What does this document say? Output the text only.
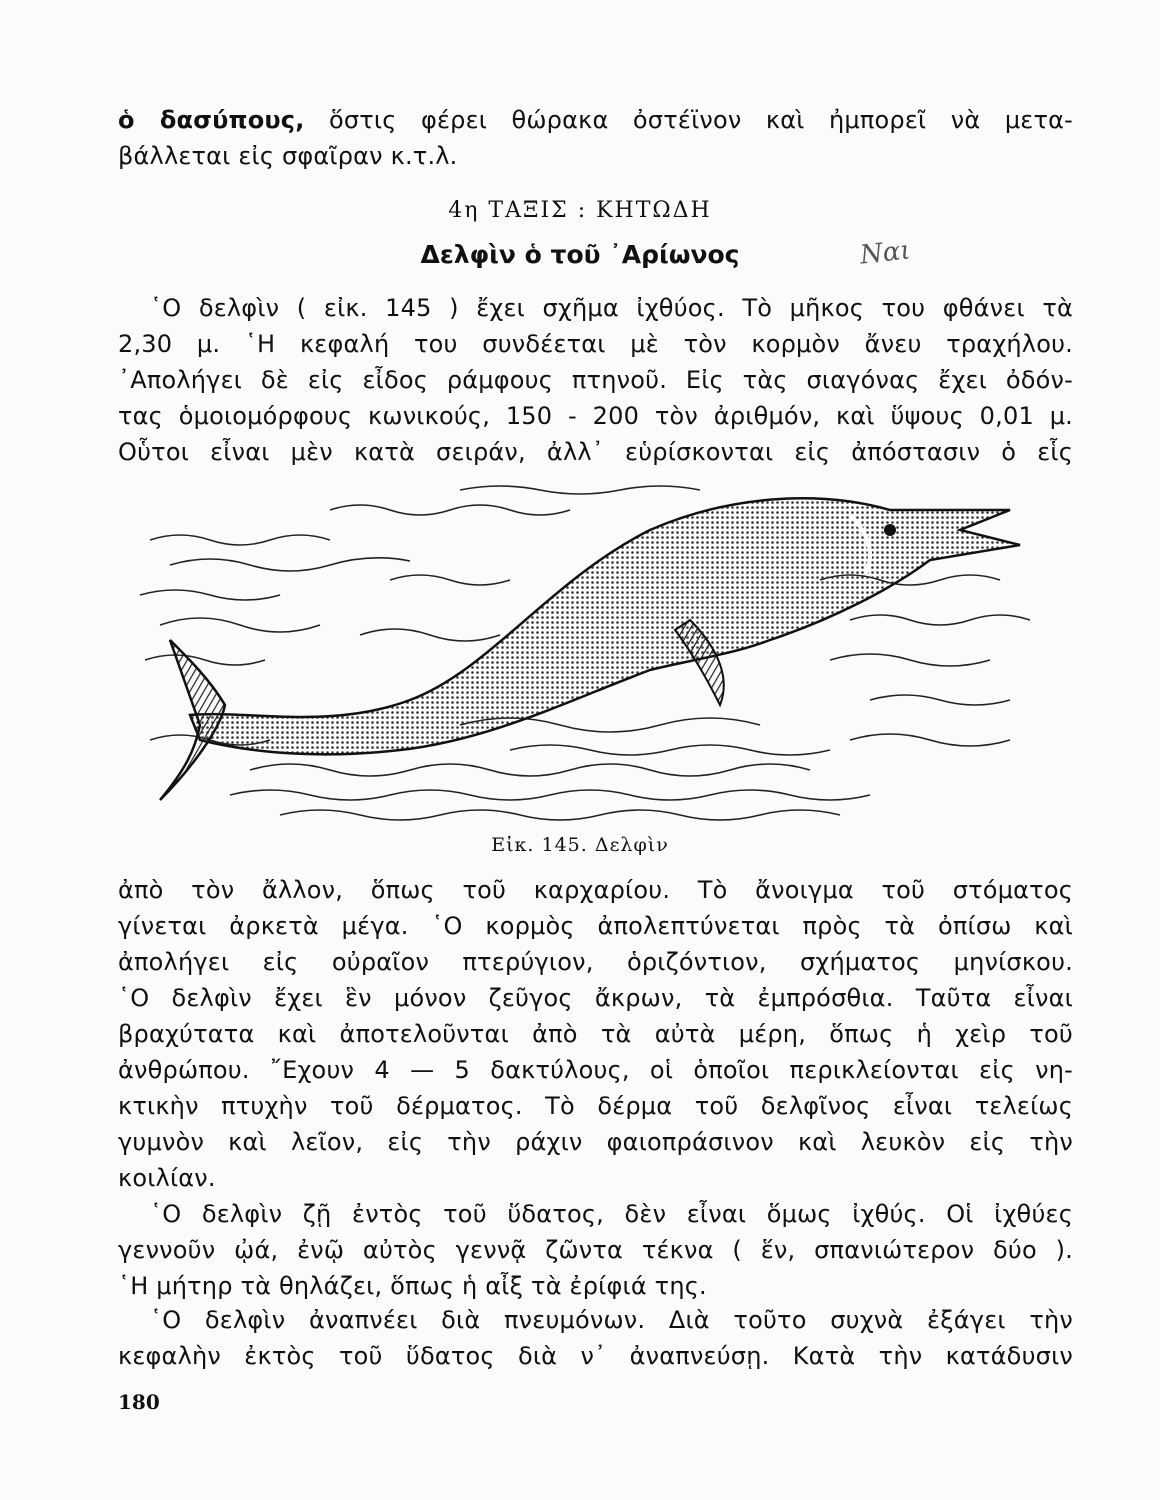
ὁ δασύπους, ὅστις φέρει θώρακα ὀστέϊνον καὶ ἠμπορεῖ νὰ μετα-
βάλλεται εἰς σφαῖραν κ.τ.λ.
4η ΤΑΞΙΣ : ΚΗΤΩΔΗ
Δελφὶν ὁ τοῦ ᾿Αρίωνος	Ναι
῾Ο δελφὶν ( εἰκ. 145 ) ἔχει σχῆμα ἰχθύος. Τὸ μῆκος του φθάνει τὰ
2,30 μ. ῾Η κεφαλή του συνδέεται μὲ τὸν κορμὸν ἄνευ τραχήλου.
᾿Απολήγει δὲ εἰς εἶδος ράμφους πτηνοῦ. Εἰς τὰς σιαγόνας ἔχει ὀδόν-
τας ὁμοιομόρφους κωνικούς, 150 - 200 τὸν ἀριθμόν, καὶ ὕψους 0,01 μ.
Οὗτοι εἶναι μὲν κατὰ σειράν, ἀλλ᾿ εὑρίσκονται εἰς ἀπόστασιν ὁ εἷς
Εἰκ. 145. Δελφὶν
ἀπὸ τὸν ἄλλον, ὅπως τοῦ καρχαρίου. Τὸ ἄνοιγμα τοῦ στόματος
γίνεται ἀρκετὰ μέγα. ῾Ο κορμὸς ἀπολεπτύνεται πρὸς τὰ ὀπίσω καὶ
ἀπολήγει εἰς οὐραῖον πτερύγιον, ὁριζόντιον, σχήματος μηνίσκου.
῾Ο δελφὶν ἔχει ἓν μόνον ζεῦγος ἄκρων, τὰ ἐμπρόσθια. Ταῦτα εἶναι
βραχύτατα καὶ ἀποτελοῦνται ἀπὸ τὰ αὐτὰ μέρη, ὅπως ἡ χεὶρ τοῦ
ἀνθρώπου. ῎Εχουν 4 — 5 δακτύλους, οἱ ὁποῖοι περικλείονται εἰς νη-
κτικὴν πτυχὴν τοῦ δέρματος. Τὸ δέρμα τοῦ δελφῖνος εἶναι τελείως
γυμνὸν καὶ λεῖον, εἰς τὴν ράχιν φαιοπράσινον καὶ λευκὸν εἰς τὴν
κοιλίαν.
῾Ο δελφὶν ζῇ ἐντὸς τοῦ ὕδατος, δὲν εἶναι ὅμως ἰχθύς. Οἱ ἰχθύες
γεννοῦν ᾠά, ἐνῷ αὐτὸς γεννᾷ ζῶντα τέκνα ( ἕν, σπανιώτερον δύο ).
῾Η μήτηρ τὰ θηλάζει, ὅπως ἡ αἶξ τὰ ἐρίφιά της.
῾Ο δελφὶν ἀναπνέει διὰ πνευμόνων. Διὰ τοῦτο συχνὰ ἐξάγει τὴν
κεφαλὴν ἐκτὸς τοῦ ὕδατος διὰ ν᾿ ἀναπνεύσῃ. Κατὰ τὴν κατάδυσιν
180
